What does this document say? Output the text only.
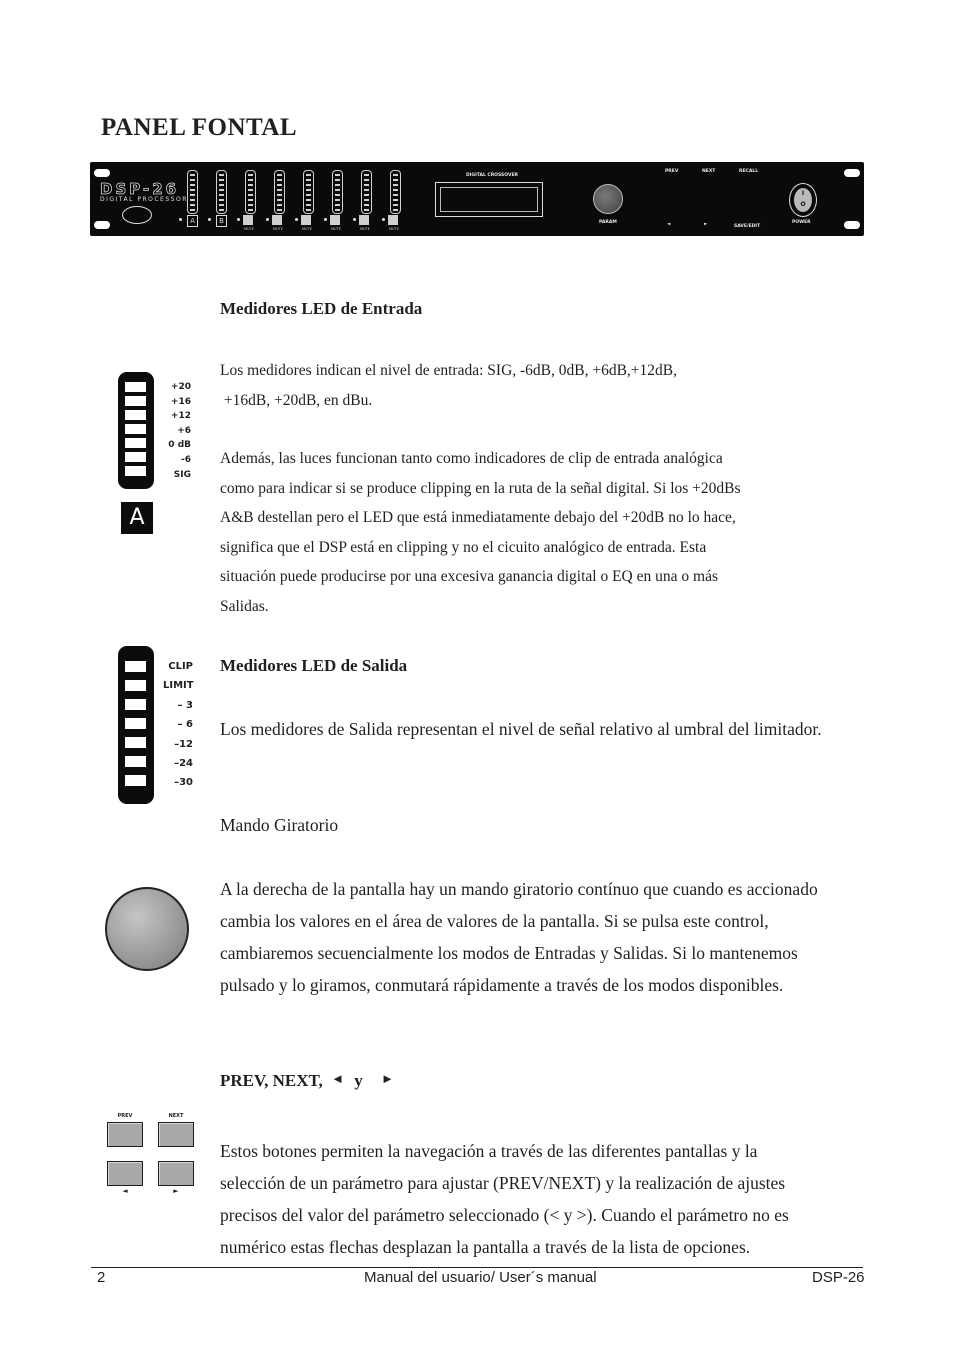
PANEL FONTAL
DSP-26
DIGITAL PROCESSOR
MUTE	MUTE	MUTE	MUTE	MUTE	MUTE
A	B
DIGITAL CROSSOVER
PARAM
PREV	NEXT	RECALL
◄	►	SAVE/EDIT
I
O
POWER
Medidores LED de Entrada
+20
+16
+12
+6
0 dB
-6
SIG
A
Los medidores indican el nivel de entrada: SIG, -6dB, 0dB, +6dB,+12dB,
+16dB, +20dB, en dBu.
Además, las luces funcionan tanto como indicadores de clip de entrada analógica
como para indicar si se produce clipping en la ruta de la señal digital. Si los +20dBs
A&B destellan pero el LED que está inmediatamente debajo del +20dB no lo hace,
significa que el DSP está en clipping y no el cicuito analógico de entrada. Esta
situación puede producirse por una excesiva ganancia digital o EQ en una o más
Salidas.
CLIP
LIMIT
– 3
– 6
–12
–24
–30
Medidores LED de Salida
Los medidores de Salida representan el nivel de señal relativo al umbral del limitador.
Mando Giratorio
A la derecha de la pantalla hay un mando giratorio contínuo que cuando es accionado
cambia los valores en el área de valores de la pantalla. Si se pulsa este control,
cambiaremos secuencialmente los modos de Entradas y Salidas. Si lo mantenemos
pulsado y lo giramos, conmutará rápidamente a través de los modos disponibles.
PREV, NEXT, ◄ y ►
PREV	NEXT
◄	►
Estos botones permiten la navegación a través de las diferentes pantallas y la
selección de un parámetro para ajustar (PREV/NEXT) y la realización de ajustes
precisos del valor del parámetro seleccionado (< y >). Cuando el parámetro no es
numérico estas flechas desplazan la pantalla a través de la lista de opciones.
2	Manual del usuario/ User´s manual	DSP-26
